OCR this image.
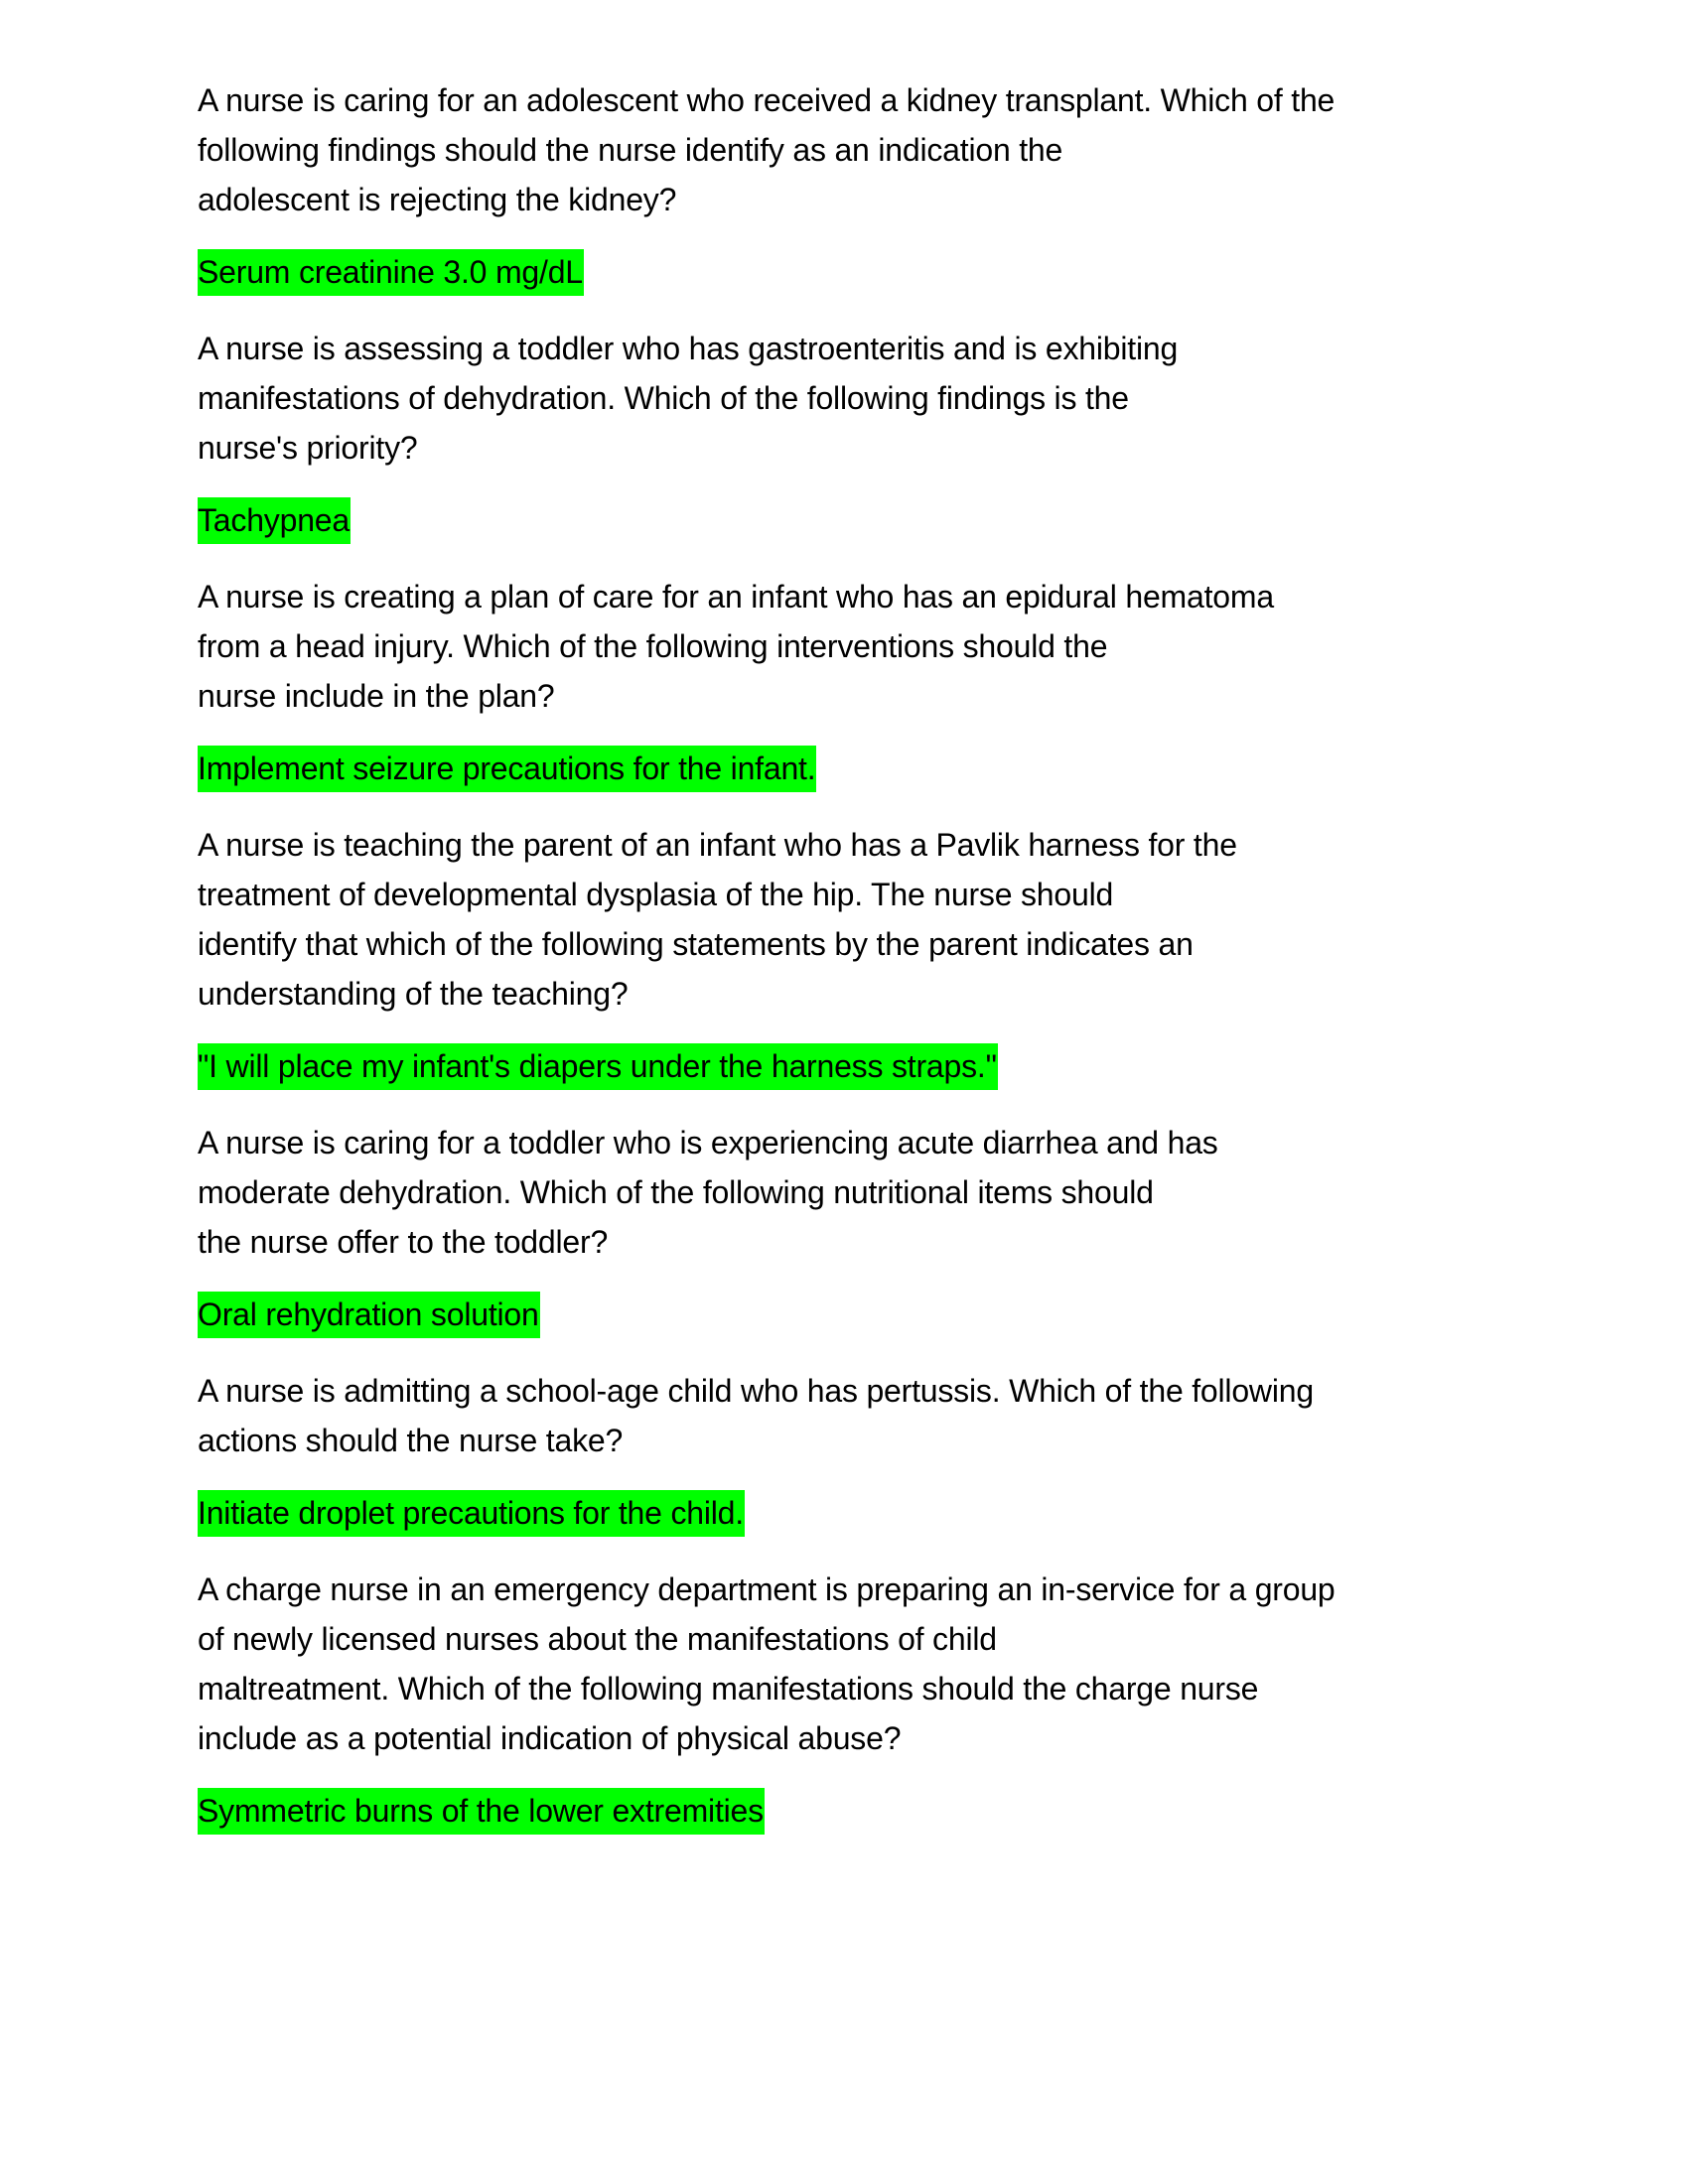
A nurse is caring for an adolescent who received a kidney transplant. Which of the
following findings should the nurse identify as an indication the
adolescent is rejecting the kidney?
Serum creatinine 3.0 mg/dL
A nurse is assessing a toddler who has gastroenteritis and is exhibiting
manifestations of dehydration. Which of the following findings is the
nurse's priority?
Tachypnea
A nurse is creating a plan of care for an infant who has an epidural hematoma
from a head injury. Which of the following interventions should the
nurse include in the plan?
Implement seizure precautions for the infant.
A nurse is teaching the parent of an infant who has a Pavlik harness for the
treatment of developmental dysplasia of the hip. The nurse should
identify that which of the following statements by the parent indicates an
understanding of the teaching?
"I will place my infant's diapers under the harness straps."
A nurse is caring for a toddler who is experiencing acute diarrhea and has
moderate dehydration. Which of the following nutritional items should
the nurse offer to the toddler?
Oral rehydration solution
A nurse is admitting a school-age child who has pertussis. Which of the following
actions should the nurse take?
Initiate droplet precautions for the child.
A charge nurse in an emergency department is preparing an in-service for a group
of newly licensed nurses about the manifestations of child
maltreatment. Which of the following manifestations should the charge nurse
include as a potential indication of physical abuse?
Symmetric burns of the lower extremities
